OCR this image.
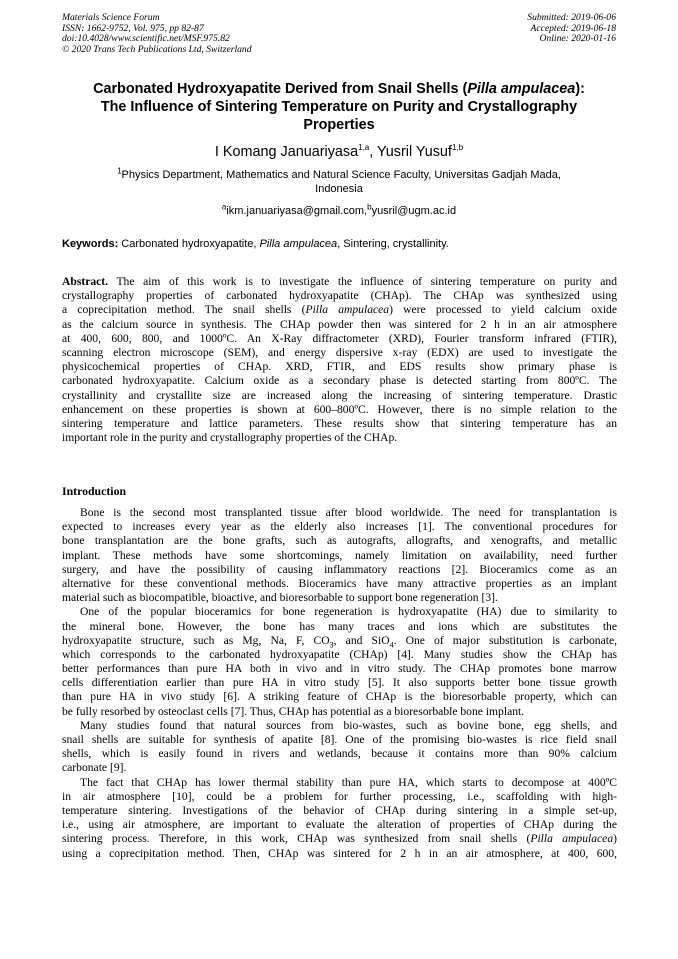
Materials Science Forum
ISSN: 1662-9752, Vol. 975, pp 82-87
doi:10.4028/www.scientific.net/MSF.975.82
© 2020 Trans Tech Publications Ltd, Switzerland
Submitted: 2019-06-06
Accepted: 2019-06-18
Online: 2020-01-16
Carbonated Hydroxyapatite Derived from Snail Shells (Pilla ampulacea):
The Influence of Sintering Temperature on Purity and Crystallography
Properties
I Komang Januariyasa$^{1,a}$, Yusril Yusuf$^{1,b}$
$^1$Physics Department, Mathematics and Natural Science Faculty, Universitas Gadjah Mada,
Indonesia
$^a$ikm.januariyasa@gmail.com,$^b$yusril@ugm.ac.id
Keywords: Carbonated hydroxyapatite, Pilla ampulacea, Sintering, crystallinity.
Abstract. The aim of this work is to investigate the influence of sintering temperature on purity and
crystallography properties of carbonated hydroxyapatite (CHAp). The CHAp was synthesized using
a coprecipitation method. The snail shells (Pilla ampulacea) were processed to yield calcium oxide
as the calcium source in synthesis. The CHAp powder then was sintered for 2 h in an air atmosphere
at 400, 600, 800, and 1000ºC. An X-Ray diffractometer (XRD), Fourier transform infrared (FTIR),
scanning electron microscope (SEM), and energy dispersive x-ray (EDX) are used to investigate the
physicochemical properties of CHAp. XRD, FTIR, and EDS results show primary phase is
carbonated hydroxyapatite. Calcium oxide as a secondary phase is detected starting from 800ºC. The
crystallinity and crystallite size are increased along the increasing of sintering temperature. Drastic
enhancement on these properties is shown at 600–800ºC. However, there is no simple relation to the
sintering temperature and lattice parameters. These results show that sintering temperature has an
important role in the purity and crystallography properties of the CHAp.
Introduction
Bone is the second most transplanted tissue after blood worldwide. The need for transplantation is
expected to increases every year as the elderly also increases [1]. The conventional procedures for
bone transplantation are the bone grafts, such as autografts, allografts, and xenografts, and metallic
implant. These methods have some shortcomings, namely limitation on availability, need further
surgery, and have the possibility of causing inflammatory reactions [2]. Bioceramics come as an
alternative for these conventional methods. Bioceramics have many attractive properties as an implant
material such as biocompatible, bioactive, and bioresorbable to support bone regeneration [3].
One of the popular bioceramics for bone regeneration is hydroxyapatite (HA) due to similarity to
the mineral bone. However, the bone has many traces and ions which are substitutes the
hydroxyapatite structure, such as Mg, Na, F, $CO_3$, and SiO$_4$. One of major substitution is carbonate,
which corresponds to the carbonated hydroxyapatite (CHAp) [4]. Many studies show the CHAp has
better performances than pure HA both in vivo and in vitro study. The CHAp promotes bone marrow
cells differentiation earlier than pure HA in vitro study [5]. It also supports better bone tissue growth
than pure HA in vivo study [6]. A striking feature of CHAp is the bioresorbable property, which can
be fully resorbed by osteoclast cells [7]. Thus, CHAp has potential as a bioresorbable bone implant.
Many studies found that natural sources from bio-wastes, such as bovine bone, egg shells, and
snail shells are suitable for synthesis of apatite [8]. One of the promising bio-wastes is rice field snail
shells, which is easily found in rivers and wetlands, because it contains more than 90% calcium
carbonate [9].
The fact that CHAp has lower thermal stability than pure HA, which starts to decompose at 400ºC
in air atmosphere [10], could be a problem for further processing, i.e., scaffolding with high-
temperature sintering. Investigations of the behavior of CHAp during sintering in a simple set-up,
i.e., using air atmosphere, are important to evaluate the alteration of properties of CHAp during the
sintering process. Therefore, in this work, CHAp was synthesized from snail shells (Pilla ampulacea)
using a coprecipitation method. Then, CHAp was sintered for 2 h in an air atmosphere, at 400, 600,
